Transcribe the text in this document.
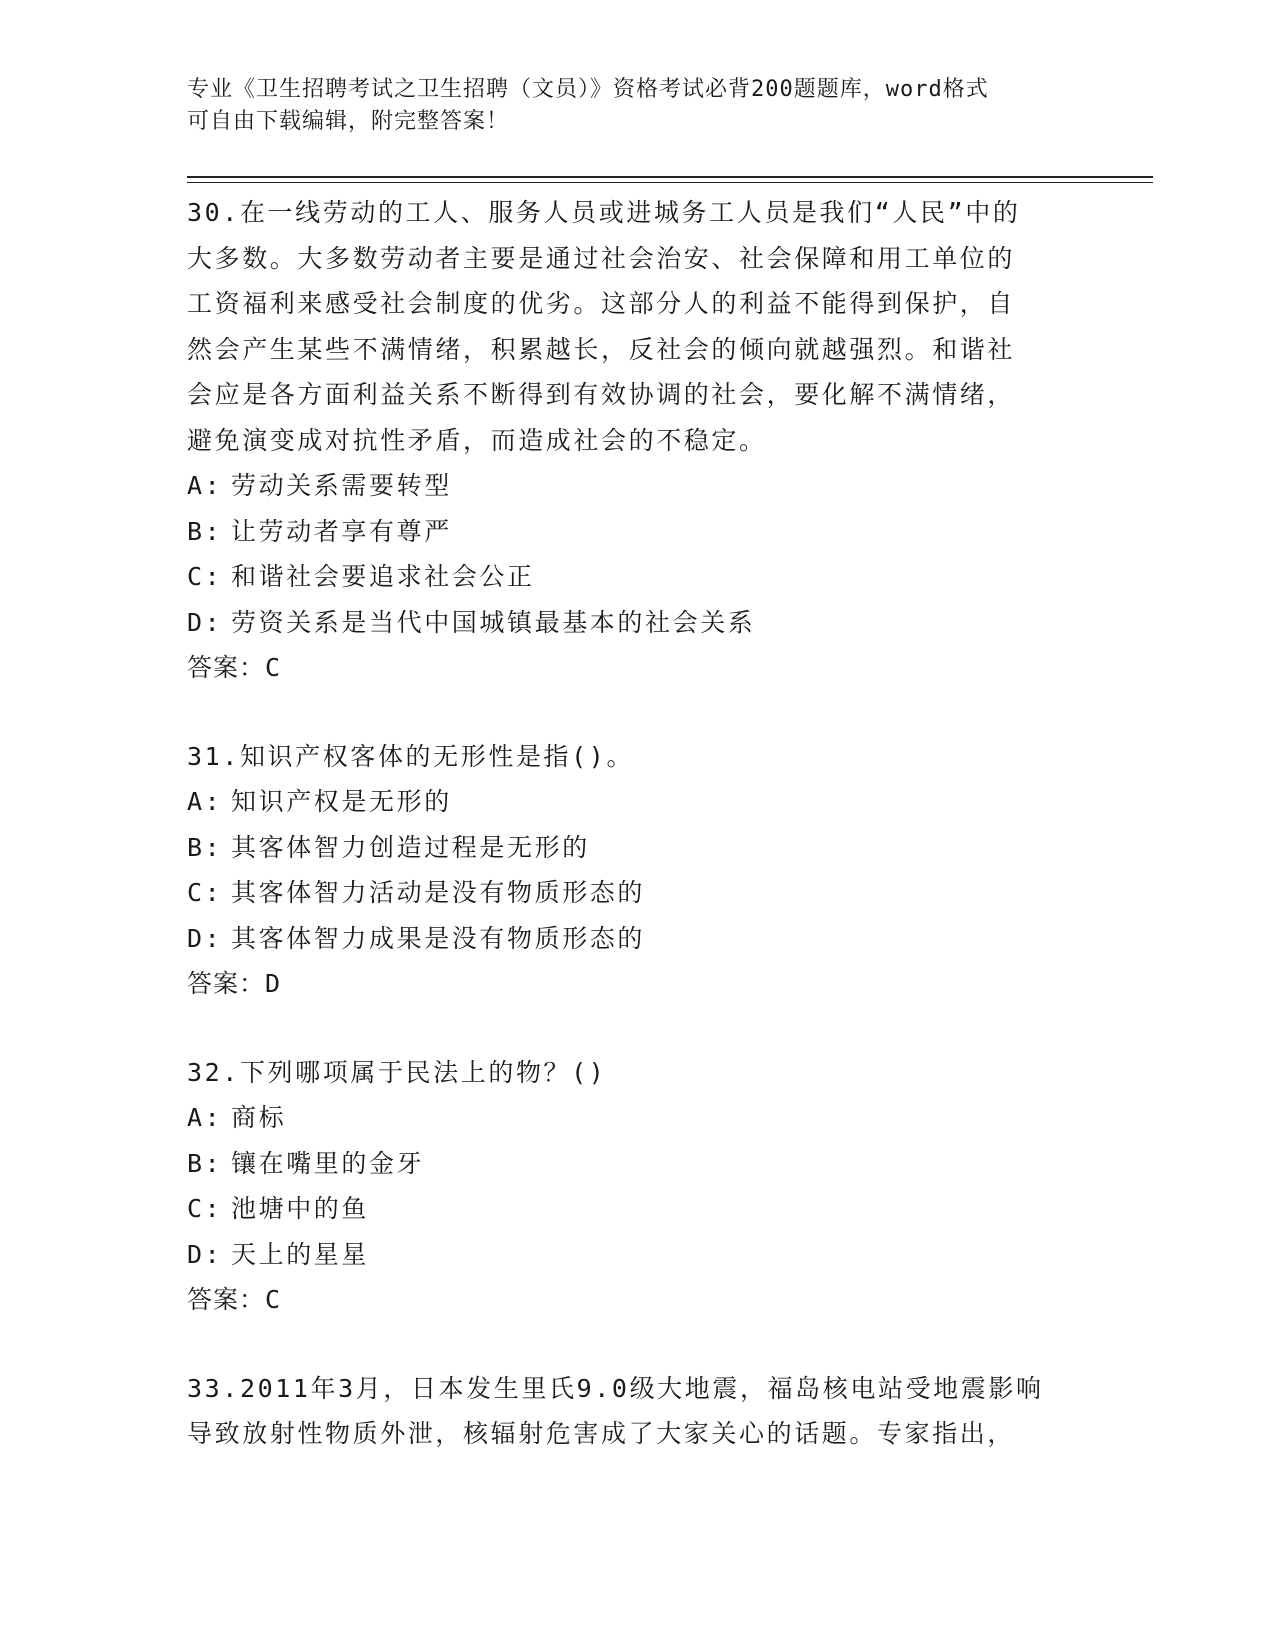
专业《卫生招聘考试之卫生招聘（文员）》资格考试必背200题题库，word格式
可自由下载编辑，附完整答案！
30.在一线劳动的工人、服务人员或进城务工人员是我们“人民”中的
大多数。大多数劳动者主要是通过社会治安、社会保障和用工单位的
工资福利来感受社会制度的优劣。这部分人的利益不能得到保护，自
然会产生某些不满情绪，积累越长，反社会的倾向就越强烈。和谐社
会应是各方面利益关系不断得到有效协调的社会，要化解不满情绪，
避免演变成对抗性矛盾，而造成社会的不稳定。
A: 劳动关系需要转型
B: 让劳动者享有尊严
C: 和谐社会要追求社会公正
D: 劳资关系是当代中国城镇最基本的社会关系
答案：C
31.知识产权客体的无形性是指()。
A: 知识产权是无形的
B: 其客体智力创造过程是无形的
C: 其客体智力活动是没有物质形态的
D: 其客体智力成果是没有物质形态的
答案：D
32.下列哪项属于民法上的物？()
A: 商标
B: 镶在嘴里的金牙
C: 池塘中的鱼
D: 天上的星星
答案：C
33.2011年3月，日本发生里氏9.0级大地震，福岛核电站受地震影响
导致放射性物质外泄，核辐射危害成了大家关心的话题。专家指出，
